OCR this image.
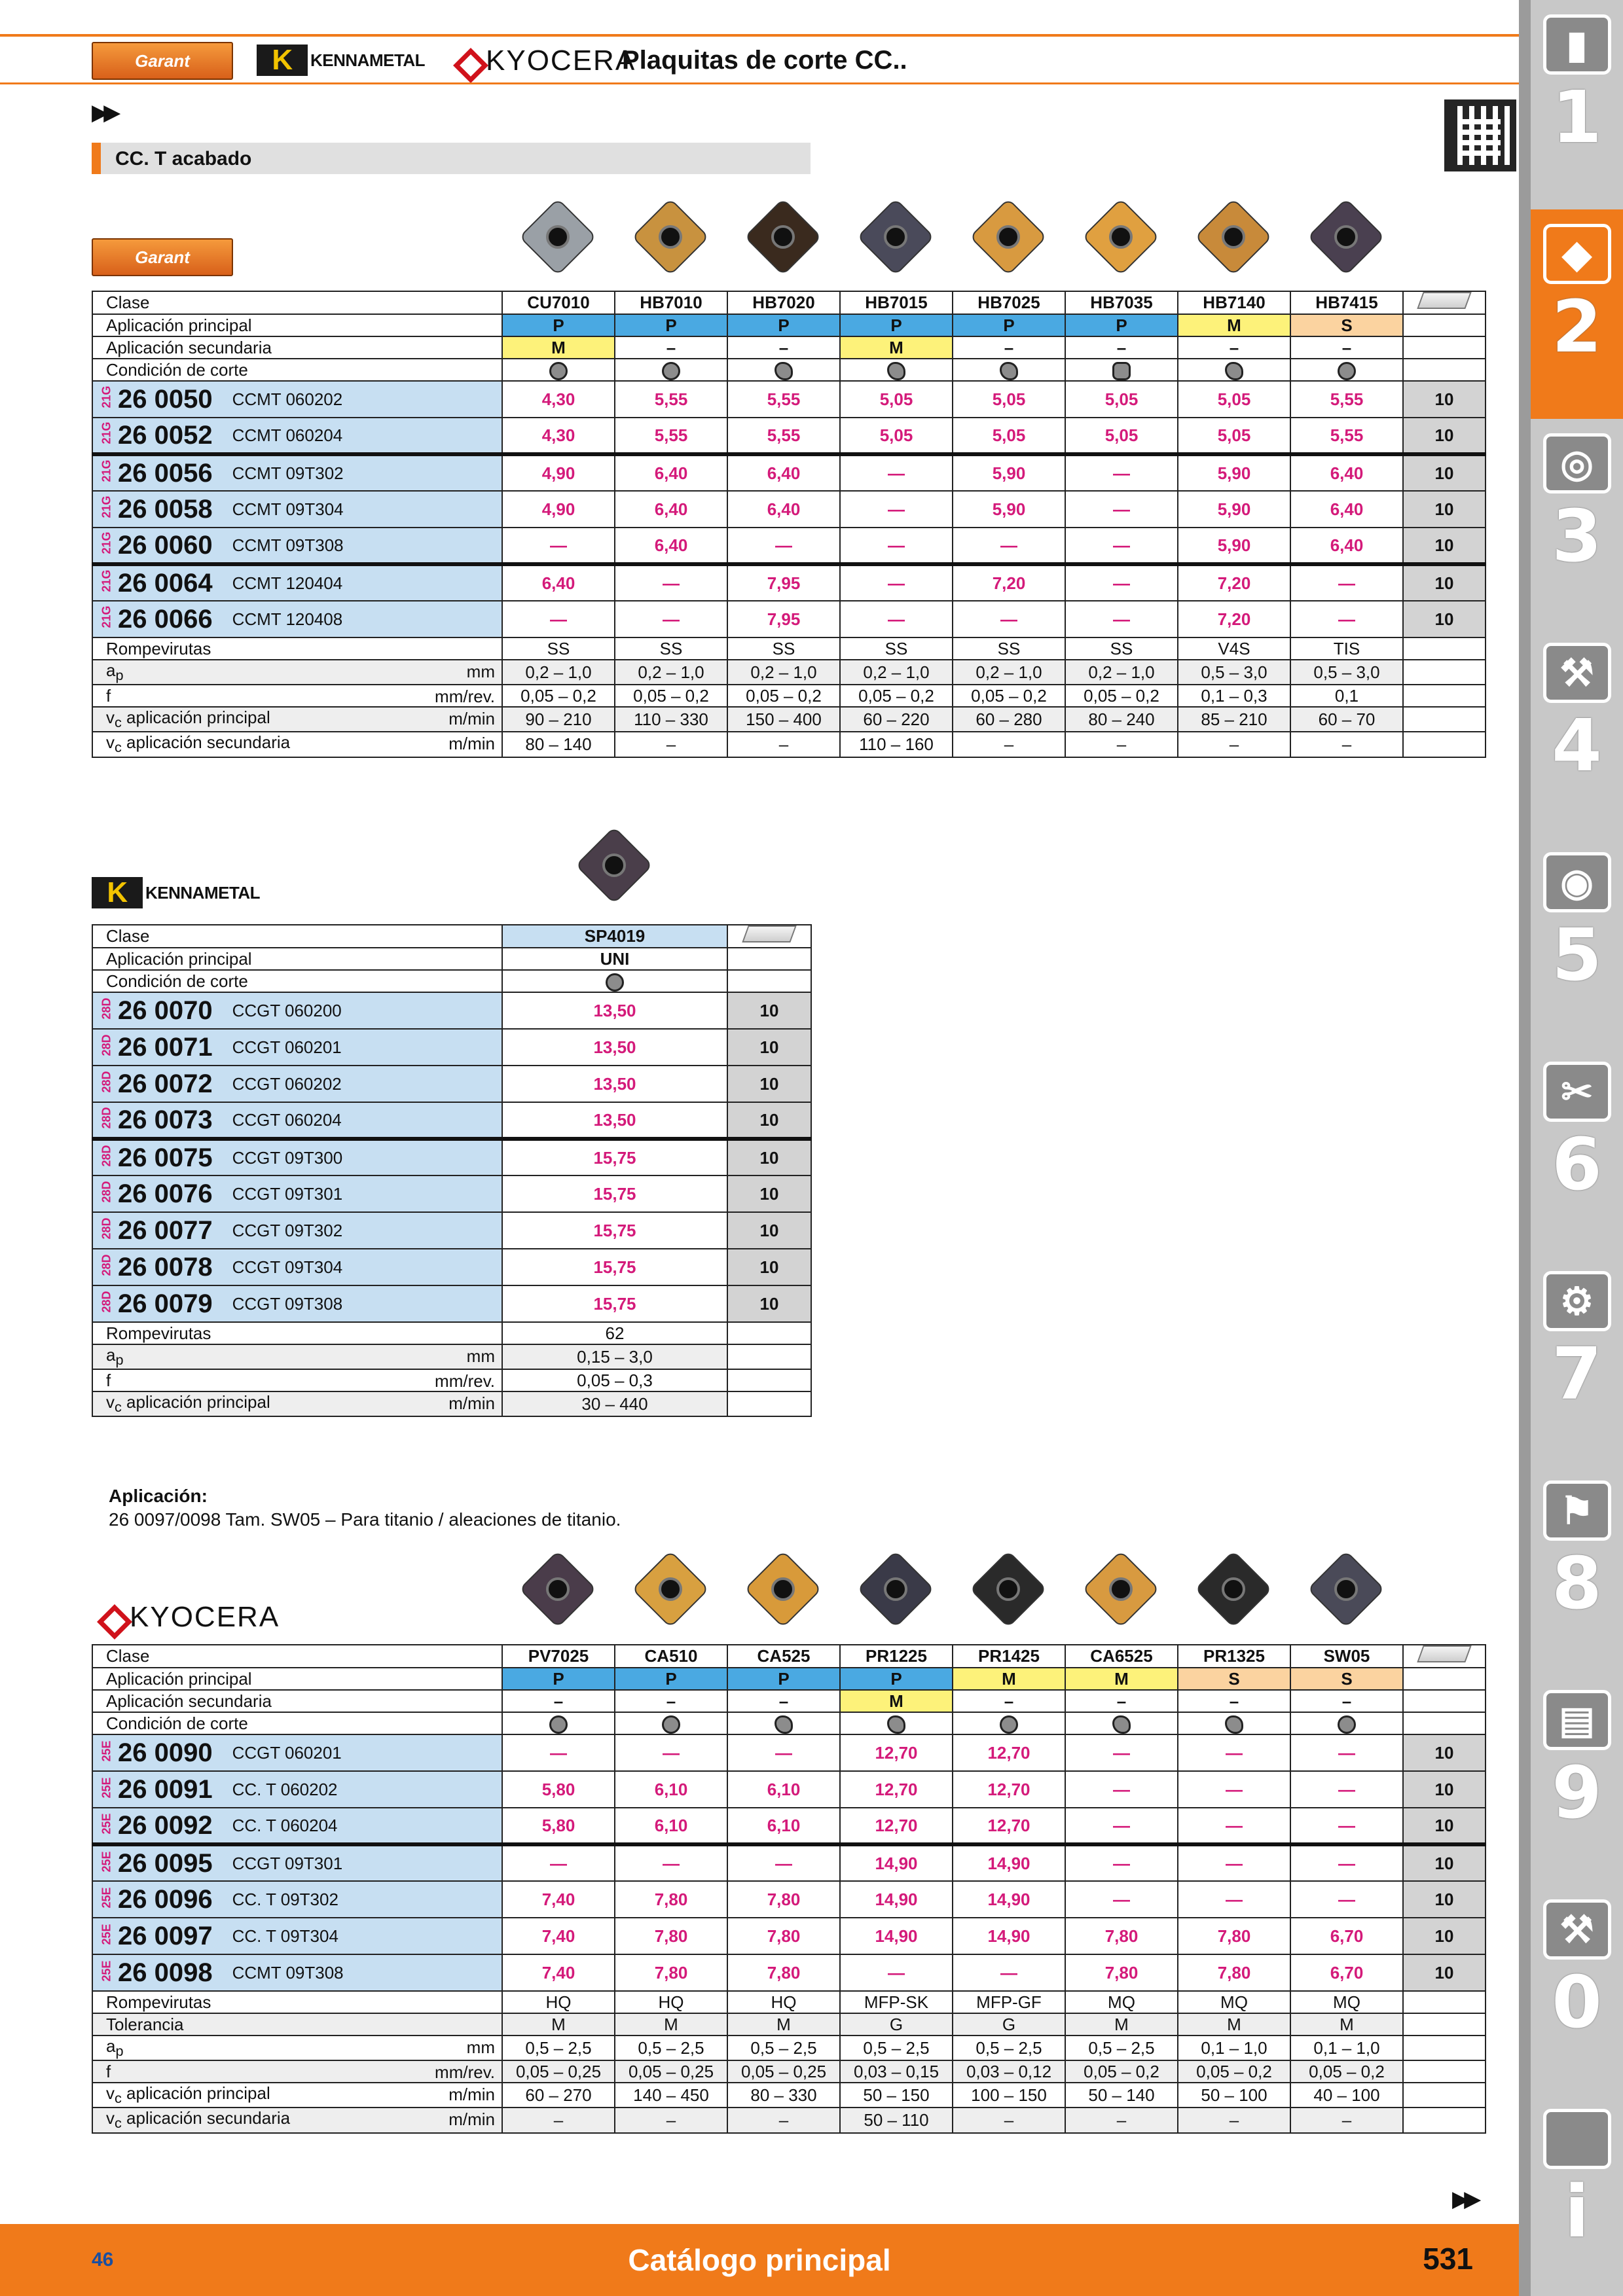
Garant	K	KENNAMETAL KYOCERA
Plaquitas de corte CC..
▶▶
CC. T acabado
Garant
Clase	CU7010	HB7010	HB7020	HB7015	HB7025	HB7035	HB7140	HB7415	
Aplicación principal	P	P	P	P	P	P	M	S	
Aplicación secundaria	M	–	–	M	–	–	–	–	
Condición de corte									
21G 26 0050 CCMT 060202	4,30	5,55	5,55	5,05	5,05	5,05	5,05	5,55	10
21G 26 0052 CCMT 060204	4,30	5,55	5,55	5,05	5,05	5,05	5,05	5,55	10
21G 26 0056 CCMT 09T302	4,90	6,40	6,40	—	5,90	—	5,90	6,40	10
21G 26 0058 CCMT 09T304	4,90	6,40	6,40	—	5,90	—	5,90	6,40	10
21G 26 0060 CCMT 09T308	—	6,40	—	—	—	—	5,90	6,40	10
21G 26 0064 CCMT 120404	6,40	—	7,95	—	7,20	—	7,20	—	10
21G 26 0066 CCMT 120408	—	—	7,95	—	—	—	7,20	—	10
Rompevirutas	SS	SS	SS	SS	SS	SS	V4S	TIS	
$a_p$ mm	0,2 – 1,0	0,2 – 1,0	0,2 – 1,0	0,2 – 1,0	0,2 – 1,0	0,2 – 1,0	0,5 – 3,0	0,5 – 3,0	
f mm/rev.	0,05 – 0,2	0,05 – 0,2	0,05 – 0,2	0,05 – 0,2	0,05 – 0,2	0,05 – 0,2	0,1 – 0,3	0,1	
$v_c$ aplicación principal m/min	90 – 210	110 – 330	150 – 400	60 – 220	60 – 280	80 – 240	85 – 210	60 – 70	
$v_c$ aplicación secundaria m/min	80 – 140	–	–	110 – 160	–	–	–	–	
K	KENNAMETAL
Clase	SP4019	
Aplicación principal	UNI	
Condición de corte		
28D 26 0070 CCGT 060200	13,50	10
28D 26 0071 CCGT 060201	13,50	10
28D 26 0072 CCGT 060202	13,50	10
28D 26 0073 CCGT 060204	13,50	10
28D 26 0075 CCGT 09T300	15,75	10
28D 26 0076 CCGT 09T301	15,75	10
28D 26 0077 CCGT 09T302	15,75	10
28D 26 0078 CCGT 09T304	15,75	10
28D 26 0079 CCGT 09T308	15,75	10
Rompevirutas	62	
$a_p$ mm	0,15 – 3,0	
f mm/rev.	0,05 – 0,3	
$v_c$ aplicación principal m/min	30 – 440	
Aplicación:
26 0097/0098 Tam. SW05 – Para titanio / aleaciones de titanio.
KYOCERA
Clase	PV7025	CA510	CA525	PR1225	PR1425	CA6525	PR1325	SW05	
Aplicación principal	P	P	P	P	M	M	S	S	
Aplicación secundaria	–	–	–	M	–	–	–	–	
Condición de corte									
25E 26 0090 CCGT 060201	—	—	—	12,70	12,70	—	—	—	10
25E 26 0091 CC. T 060202	5,80	6,10	6,10	12,70	12,70	—	—	—	10
25E 26 0092 CC. T 060204	5,80	6,10	6,10	12,70	12,70	—	—	—	10
25E 26 0095 CCGT 09T301	—	—	—	14,90	14,90	—	—	—	10
25E 26 0096 CC. T 09T302	7,40	7,80	7,80	14,90	14,90	—	—	—	10
25E 26 0097 CC. T 09T304	7,40	7,80	7,80	14,90	14,90	7,80	7,80	6,70	10
25E 26 0098 CCMT 09T308	7,40	7,80	7,80	—	—	7,80	7,80	6,70	10
Rompevirutas	HQ	HQ	HQ	MFP-SK	MFP-GF	MQ	MQ	MQ	
Tolerancia	M	M	M	G	G	M	M	M	
$a_p$ mm	0,5 – 2,5	0,5 – 2,5	0,5 – 2,5	0,5 – 2,5	0,5 – 2,5	0,5 – 2,5	0,1 – 1,0	0,1 – 1,0	
f mm/rev.	0,05 – 0,25	0,05 – 0,25	0,05 – 0,25	0,03 – 0,15	0,03 – 0,12	0,05 – 0,2	0,05 – 0,2	0,05 – 0,2	
$v_c$ aplicación principal m/min	60 – 270	140 – 450	80 – 330	50 – 150	100 – 150	50 – 140	50 – 100	40 – 100	
$v_c$ aplicación secundaria m/min	–	–	–	50 – 110	–	–	–	–	
▶▶
▮
1
◆
2
◎
3
⚒
4
◉
5
✂
6
⚙
7
⚑
8
▤
9
⚒
0
i
46	Catálogo principal	531
